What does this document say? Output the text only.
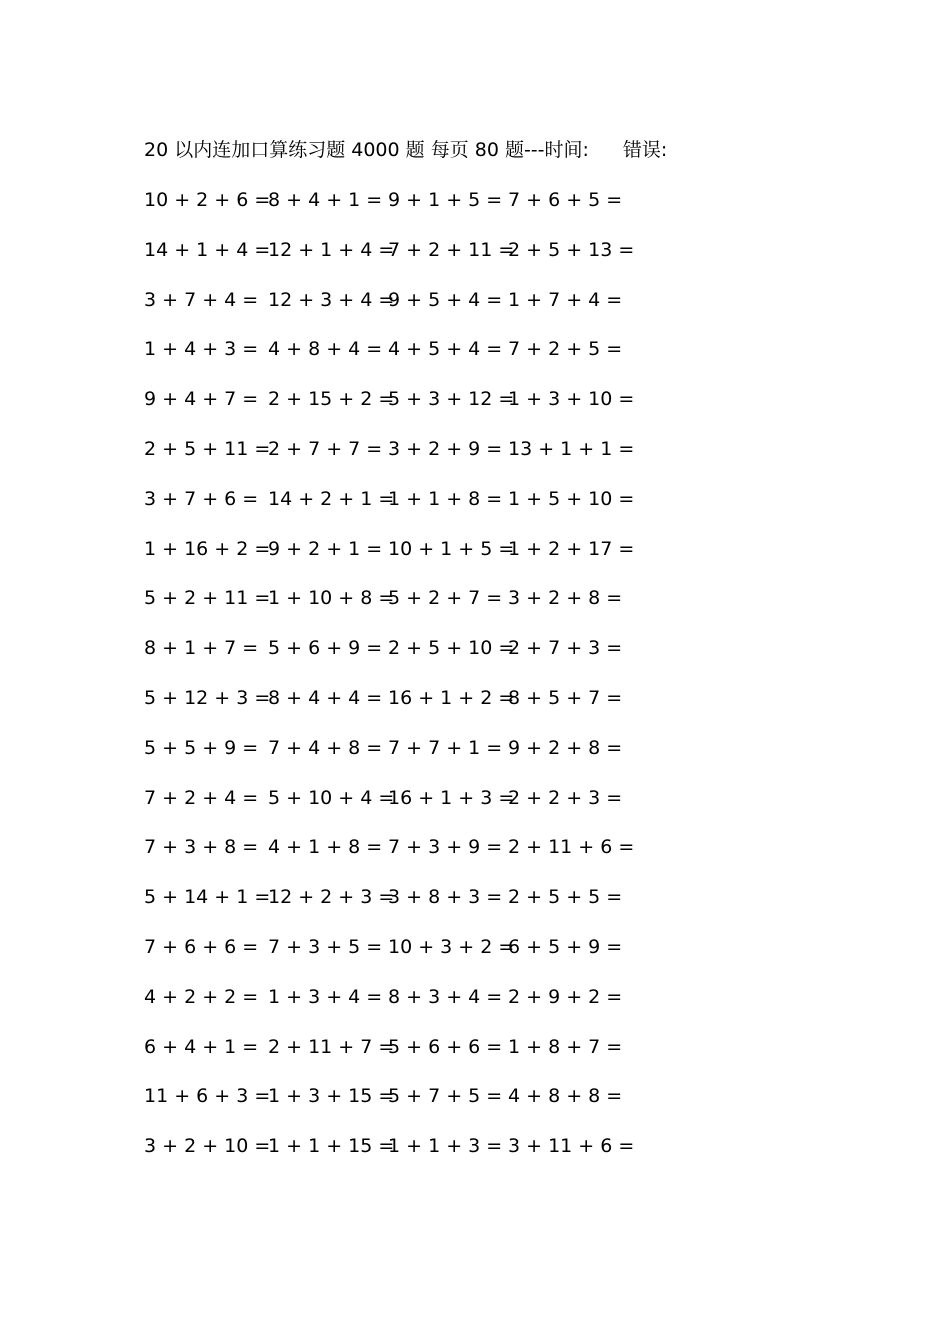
20 以内连加口算练习题 4000 题 每页 80 题---时间: 错误:
10 + 2 + 6 =
8 + 4 + 1 = 9 + 1 + 5 = 7 + 6 + 5 =
14 + 1 + 4 =
12 + 1 + 4 =
7 + 2 + 11 =
2 + 5 + 13 =
3 + 7 + 4 = 12 + 3 + 4 =
9 + 5 + 4 = 1 + 7 + 4 =
1 + 4 + 3 = 4 + 8 + 4 = 4 + 5 + 4 = 7 + 2 + 5 =
9 + 4 + 7 = 2 + 15 + 2 =
5 + 3 + 12 =
1 + 3 + 10 =
2 + 5 + 11 =
2 + 7 + 7 = 3 + 2 + 9 = 13 + 1 + 1 =
3 + 7 + 6 = 14 + 2 + 1 =
1 + 1 + 8 = 1 + 5 + 10 =
1 + 16 + 2 =
9 + 2 + 1 = 10 + 1 + 5 =
1 + 2 + 17 =
5 + 2 + 11 =
1 + 10 + 8 =
5 + 2 + 7 = 3 + 2 + 8 =
8 + 1 + 7 = 5 + 6 + 9 = 2 + 5 + 10 =
2 + 7 + 3 =
5 + 12 + 3 =
8 + 4 + 4 = 16 + 1 + 2 =
8 + 5 + 7 =
5 + 5 + 9 = 7 + 4 + 8 = 7 + 7 + 1 = 9 + 2 + 8 =
7 + 2 + 4 = 5 + 10 + 4 =
16 + 1 + 3 =
2 + 2 + 3 =
7 + 3 + 8 = 4 + 1 + 8 = 7 + 3 + 9 = 2 + 11 + 6 =
5 + 14 + 1 =
12 + 2 + 3 =
3 + 8 + 3 = 2 + 5 + 5 =
7 + 6 + 6 = 7 + 3 + 5 = 10 + 3 + 2 =
6 + 5 + 9 =
4 + 2 + 2 = 1 + 3 + 4 = 8 + 3 + 4 = 2 + 9 + 2 =
6 + 4 + 1 = 2 + 11 + 7 =
5 + 6 + 6 = 1 + 8 + 7 =
11 + 6 + 3 =
1 + 3 + 15 =
5 + 7 + 5 = 4 + 8 + 8 =
3 + 2 + 10 =
1 + 1 + 15 =
1 + 1 + 3 = 3 + 11 + 6 =
